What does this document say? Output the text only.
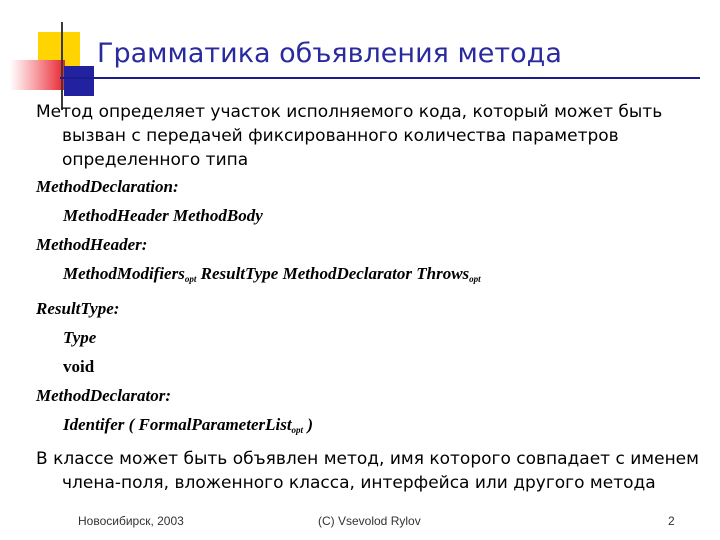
Грамматика объявления метода

Метод определяет участок исполняемого кода, который может быть вызван с передачей фиксированного количества параметров определенного типа

MethodDeclaration:
MethodHeader MethodBody
MethodHeader:
MethodModifiers$_{opt}$ ResultType MethodDeclarator Throws$_{opt}$
ResultType:
Type
void
MethodDeclarator:
Identifer ( FormalParameterList$_{opt}$ )

В классе может быть объявлен метод, имя которого совпадает с именем члена-поля, вложенного класса, интерфейса или другого метода

Новосибирск, 2003	(C) Vsevolod Rylov	2
